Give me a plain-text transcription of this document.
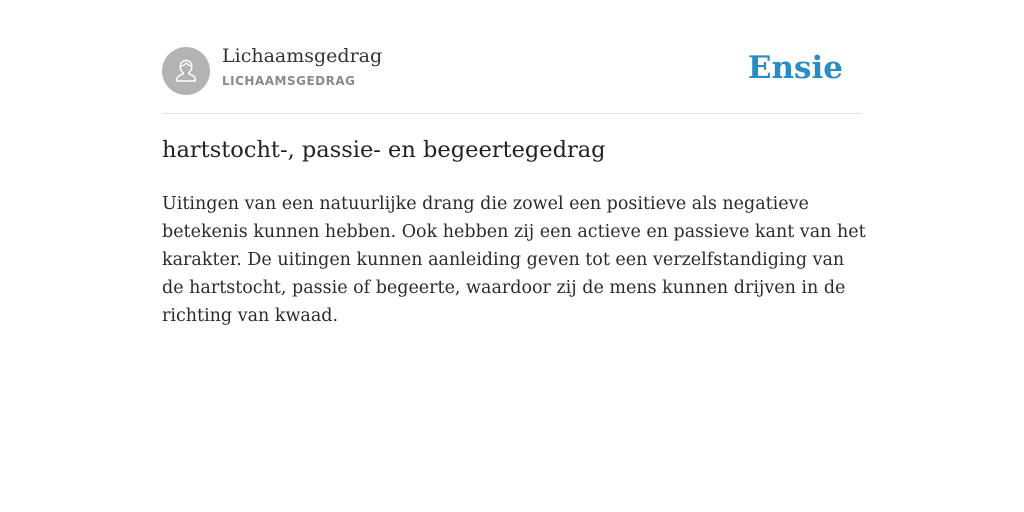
Lichaamsgedrag
LICHAAMSGEDRAG	Ensie
hartstocht-, passie- en begeertegedrag

Uitingen van een natuurlijke drang die zowel een positieve als negatieve betekenis kunnen hebben. Ook hebben zij een actieve en passieve kant van het karakter. De uitingen kunnen aanleiding geven tot een verzelfstandiging van de hartstocht, passie of begeerte, waardoor zij de mens kunnen drijven in de richting van kwaad.
